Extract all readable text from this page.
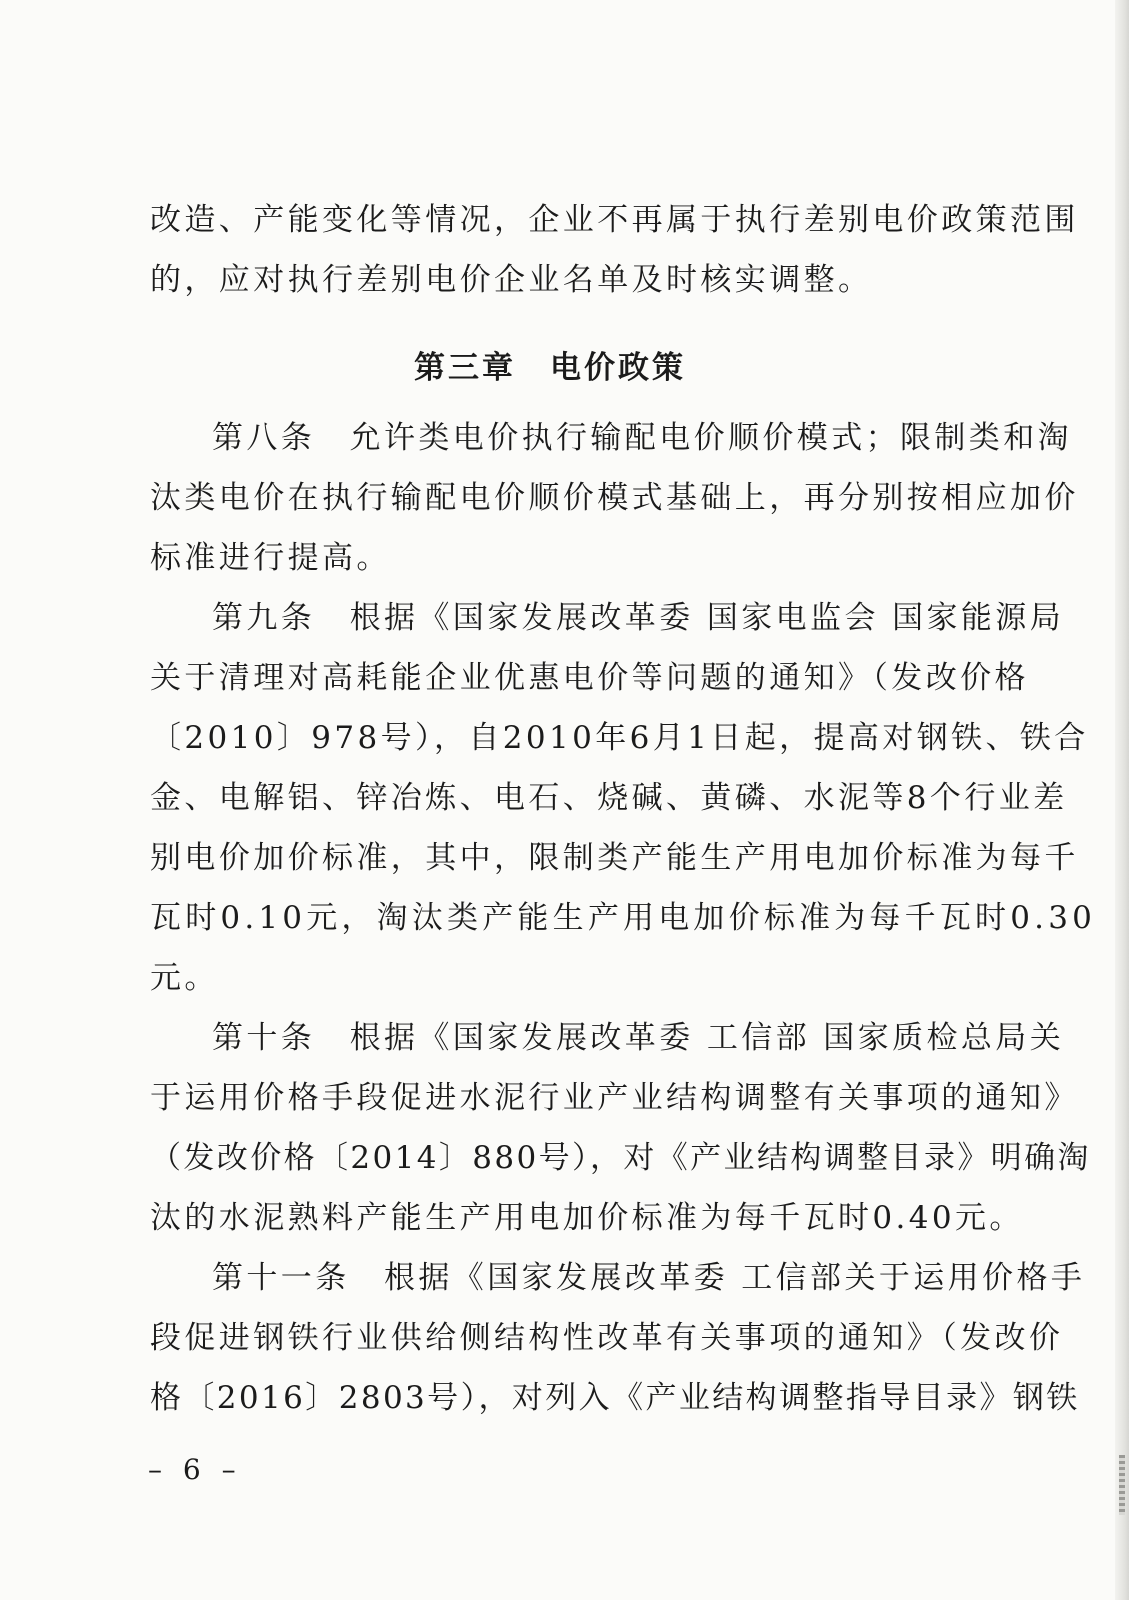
改造、产能变化等情况，企业不再属于执行差别电价政策范围
的，应对执行差别电价企业名单及时核实调整。
第三章　电价政策
第八条　允许类电价执行输配电价顺价模式；限制类和淘
汰类电价在执行输配电价顺价模式基础上，再分别按相应加价
标准进行提高。
第九条　根据《国家发展改革委 国家电监会 国家能源局
关于清理对高耗能企业优惠电价等问题的通知》（发改价格
〔2010〕978号），自2010年6月1日起，提高对钢铁、铁合
金、电解铝、锌冶炼、电石、烧碱、黄磷、水泥等8个行业差
别电价加价标准，其中，限制类产能生产用电加价标准为每千
瓦时0.10元，淘汰类产能生产用电加价标准为每千瓦时0.30
元。
第十条　根据《国家发展改革委 工信部 国家质检总局关
于运用价格手段促进水泥行业产业结构调整有关事项的通知》
（发改价格〔2014〕880号），对《产业结构调整目录》明确淘
汰的水泥熟料产能生产用电加价标准为每千瓦时0.40元。
第十一条　根据《国家发展改革委 工信部关于运用价格手
段促进钢铁行业供给侧结构性改革有关事项的通知》（发改价
格〔2016〕2803号），对列入《产业结构调整指导目录》钢铁
– 6 –
